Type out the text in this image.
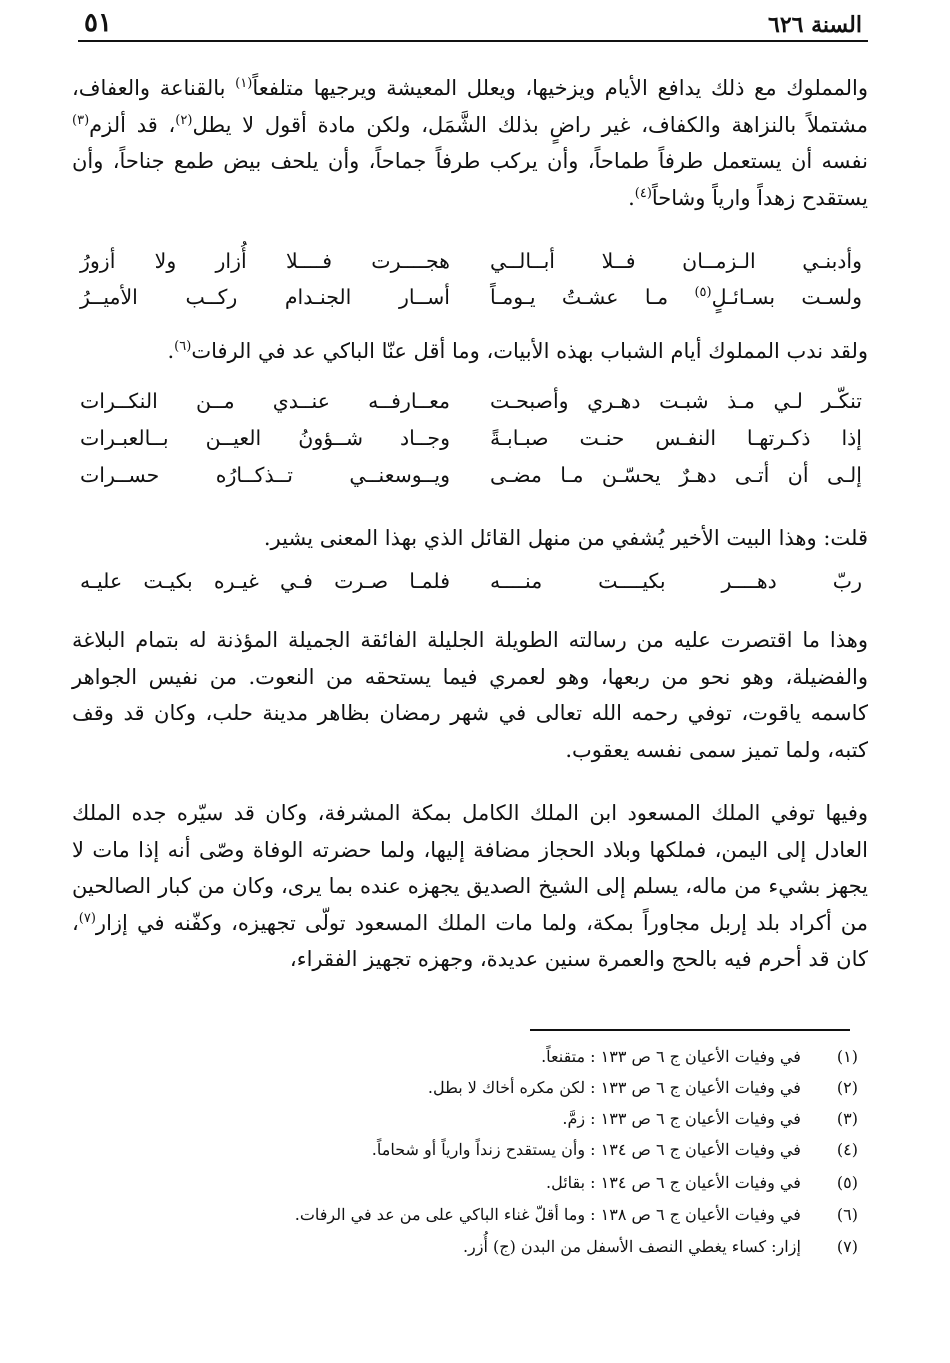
السنة ٦٢٦
٥١

والمملوك مع ذلك يدافع الأيام ويزخيها، ويعلل المعيشة ويرجيها متلفعاً$^{(١)}$ بالقناعة والعفاف، مشتملاً بالنزاهة والكفاف، غير راضٍ بذلك الشَّمَل، ولكن مادة أقول لا يطل$^{(٢)}$، قد ألزم$^{(٣)}$ نفسه أن يستعمل طرفاً طماحاً، وأن يركب طرفاً جماحاً، وأن يلحف بيض طمع جناحاً، وأن يستقدح زهداً وارياً وشاحاً$^{(٤)}$.

وأدبنـي الـزمــان فــلا أبــالــي
هجــــرت فــــلا أُزار ولا أزورُ
ولسـت بسـائـلٍ$^{(٥)}$ مـا عشـتُ يـومـاً
أســار الجنـدام ركــب الأميــرُ

ولقد ندب المملوك أيام الشباب بهذه الأبيات، وما أقل عنّا الباكي عد في الرفات$^{(٦)}$.

تنكّـر لـي مـذ شبـت دهـري وأصبحـت
معــارفــه عنــدي مــن النكــرات
إذا ذكـرتهـا النفـس حنـت صبـابـةً
وجــاد شــؤونُ العيــن بــالعبـرات
إلـى أن أتـى دهـرٌ يحسّـن مـا مضـى
ويــوسعنــي تــذكــارُه حســرات

قلت: وهذا البيت الأخير يُشفي من منهل القائل الذي بهذا المعنى يشير.

ربّ دهــــر بكيــــت منــــه
فلمـا صـرت فـي غيـره بكيـت عليـه

وهذا ما اقتصرت عليه من رسالته الطويلة الجليلة الفائقة الجميلة المؤذنة له بتمام البلاغة والفضيلة، وهو نحو من ربعها، وهو لعمري فيما يستحقه من النعوت. من نفيس الجواهر كاسمه ياقوت، توفي رحمه الله تعالى في شهر رمضان بظاهر مدينة حلب، وكان قد وقف كتبه، ولما تميز سمى نفسه يعقوب.

وفيها توفي الملك المسعود ابن الملك الكامل بمكة المشرفة، وكان قد سيّره جده الملك العادل إلى اليمن، فملكها وبلاد الحجاز مضافة إليها، ولما حضرته الوفاة وصّى أنه إذا مات لا يجهز بشيء من ماله، يسلم إلى الشيخ الصديق يجهزه عنده بما يرى، وكان من كبار الصالحين من أكراد بلد إربل مجاوراً بمكة، ولما مات الملك المسعود تولّى تجهيزه، وكفّنه في إزار$^{(٧)}$، كان قد أحرم فيه بالحج والعمرة سنين عديدة، وجهزه تجهيز الفقراء،

(١) في وفيات الأعيان ج ٦ ص ١٣٣ : متقنعاً.
(٢) في وفيات الأعيان ج ٦ ص ١٣٣ : لكن مكره أخاك لا بطل.
(٣) في وفيات الأعيان ج ٦ ص ١٣٣ : زمَّ.
(٤) في وفيات الأعيان ج ٦ ص ١٣٤ : وأن يستقدح زنداً وارياً أو شحاماً.
(٥) في وفيات الأعيان ج ٦ ص ١٣٤ : بقائل.
(٦) في وفيات الأعيان ج ٦ ص ١٣٨ : وما أقلّ غناء الباكي على من عد في الرفات.
(٧) إزار: كساء يغطي النصف الأسفل من البدن (ج) أُزر.
